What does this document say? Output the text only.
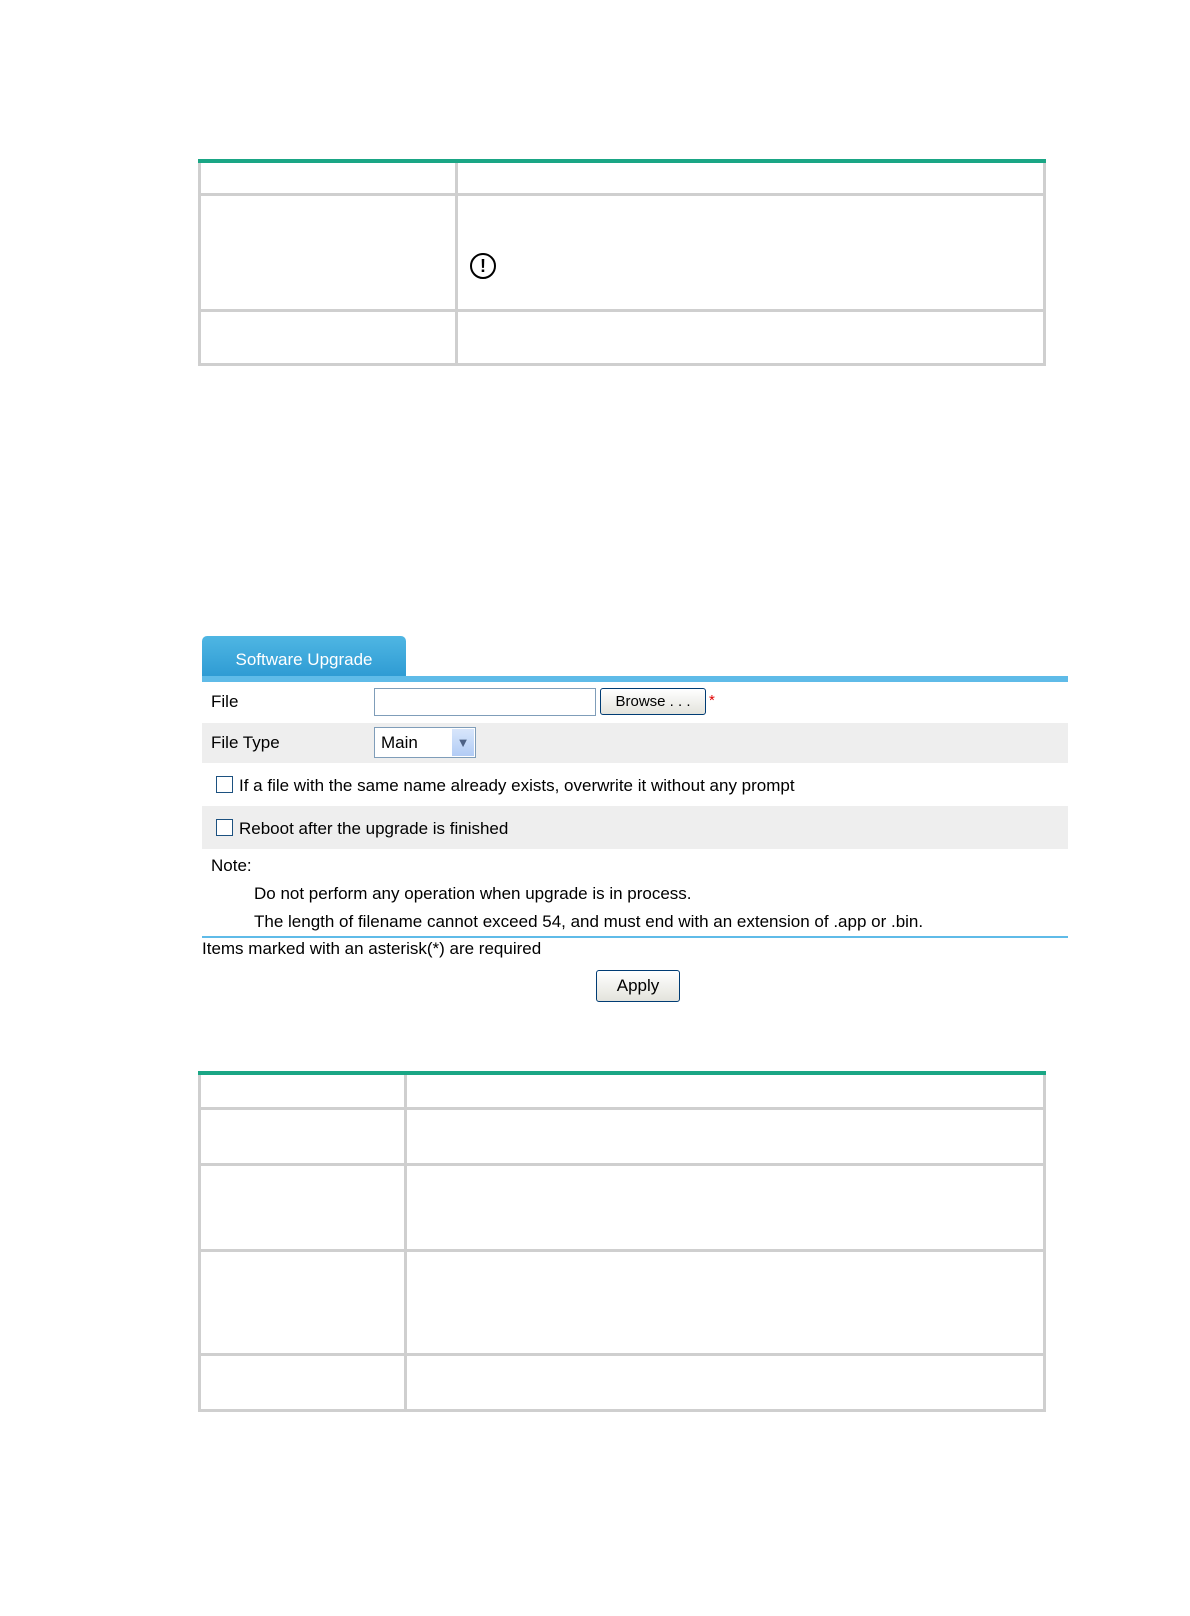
	!

Software Upgrade
File	Browse . . .	*
File Type	Main	▼
If a file with the same name already exists, overwrite it without any prompt
Reboot after the upgrade is finished
Note:
Do not perform any operation when upgrade is in process.
The length of filename cannot exceed 54, and must end with an extension of .app or .bin.
Items marked with an asterisk(*) are required
Apply
